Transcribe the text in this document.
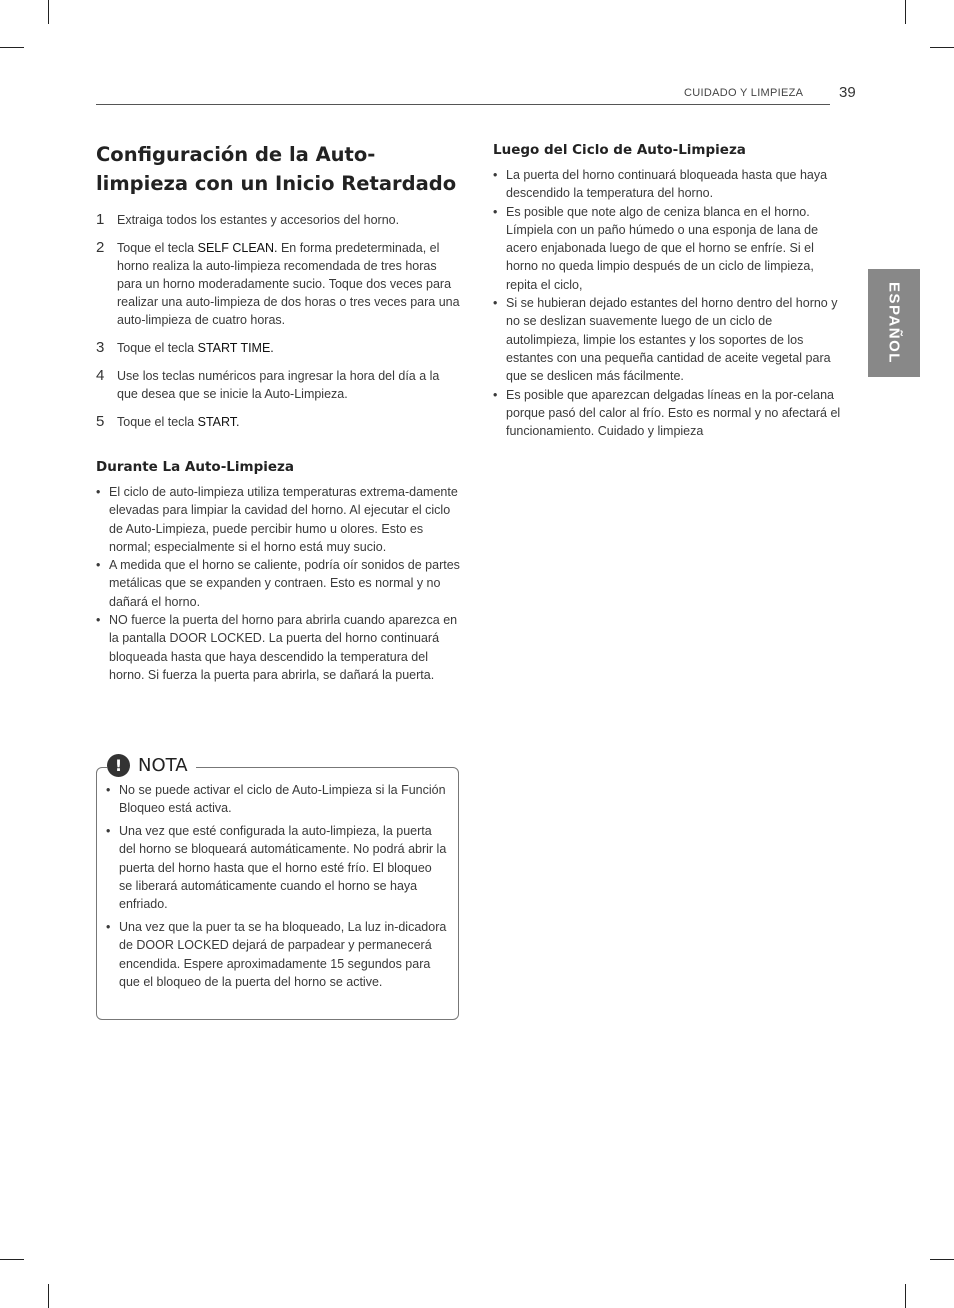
CUIDADO Y LIMPIEZA 39
ESPAÑOL
Configuración de la Auto-limpieza con un Inicio Retardado
1	Extraiga todos los estantes y accesorios del horno.
2	Toque el tecla SELF CLEAN. En forma predeterminada, el horno realiza la auto-limpieza recomendada de tres horas para un horno moderadamente sucio. Toque dos veces para realizar una auto-limpieza de dos horas o tres veces para una auto-limpieza de cuatro horas.
3	Toque el tecla START TIME.
4	Use los teclas numéricos para ingresar la hora del día a la que desea que se inicie la Auto-Limpieza.
5	Toque el tecla START.
Durante La Auto-Limpieza
• El ciclo de auto-limpieza utiliza temperaturas extrema-damente elevadas para limpiar la cavidad del horno. Al ejecutar el ciclo de Auto-Limpieza, puede percibir humo u olores. Esto es normal; especialmente si el horno está muy sucio.
• A medida que el horno se caliente, podría oír sonidos de partes metálicas que se expanden y contraen. Esto es normal y no dañará el horno.
• NO fuerce la puerta del horno para abrirla cuando aparezca en la pantalla DOOR LOCKED. La puerta del horno continuará bloqueada hasta que haya descendido la temperatura del horno. Si fuerza la puerta para abrirla, se dañará la puerta.
! NOTA
• No se puede activar el ciclo de Auto-Limpieza si la Función Bloqueo está activa.
• Una vez que esté configurada la auto-limpieza, la puerta del horno se bloqueará automáticamente. No podrá abrir la puerta del horno hasta que el horno esté frío. El bloqueo se liberará automáticamente cuando el horno se haya enfriado.
• Una vez que la puer ta se ha bloqueado, La luz in-dicadora de DOOR LOCKED dejará de parpadear y permanecerá encendida. Espere aproximadamente 15 segundos para que el bloqueo de la puerta del horno se active.
Luego del Ciclo de Auto-Limpieza
• La puerta del horno continuará bloqueada hasta que haya descendido la temperatura del horno.
• Es posible que note algo de ceniza blanca en el horno. Límpiela con un paño húmedo o una esponja de lana de acero enjabonada luego de que el horno se enfríe. Si el horno no queda limpio después de un ciclo de limpieza, repita el ciclo,
• Si se hubieran dejado estantes del horno dentro del horno y no se deslizan suavemente luego de un ciclo de autolimpieza, limpie los estantes y los soportes de los estantes con una pequeña cantidad de aceite vegetal para que se deslicen más fácilmente.
• Es posible que aparezcan delgadas líneas en la por-celana porque pasó del calor al frío. Esto es normal y no afectará el funcionamiento. Cuidado y limpieza
